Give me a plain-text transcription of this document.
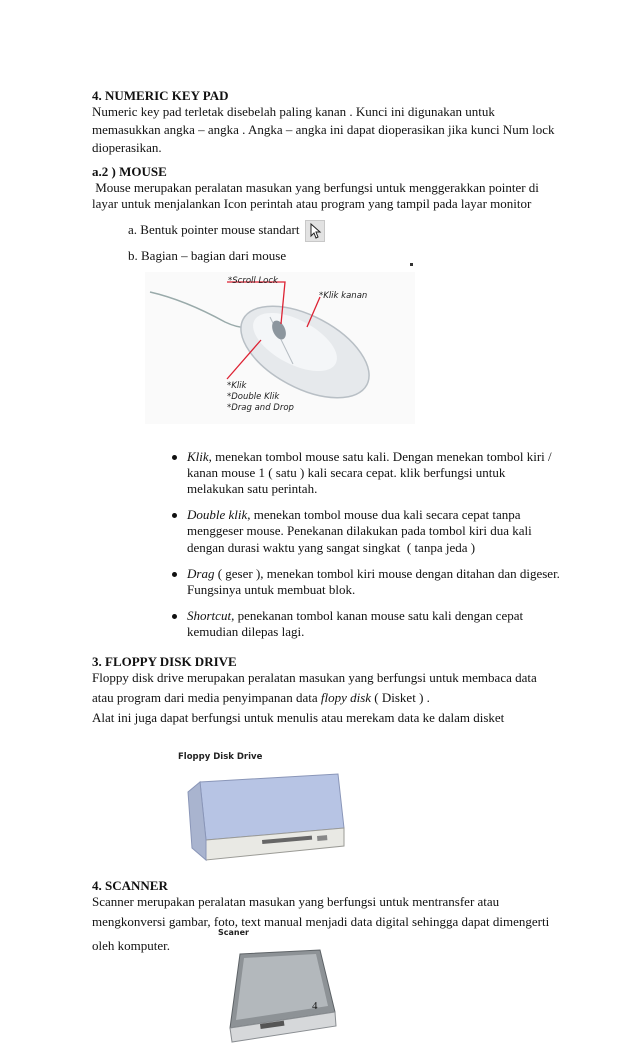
4. NUMERIC KEY PAD
Numeric key pad terletak disebelah paling kanan . Kunci ini digunakan untuk
memasukkan angka – angka . Angka – angka ini dapat dioperasikan jika kunci Num lock
dioperasikan.
a.2 ) MOUSE
Mouse merupakan peralatan masukan yang berfungsi untuk menggerakkan pointer di
layar untuk menjalankan Icon perintah atau program yang tampil pada layar monitor
a. Bentuk pointer mouse standart
b. Bagian – bagian dari mouse
*Scroll Lock
*Klik kanan
*Klik
*Double Klik
*Drag and Drop
Klik, menekan tombol mouse satu kali. Dengan menekan tombol kiri /
kanan mouse 1 ( satu ) kali secara cepat. klik berfungsi untuk
melakukan satu perintah.
Double klik, menekan tombol mouse dua kali secara cepat tanpa
menggeser mouse. Penekanan dilakukan pada tombol kiri dua kali
dengan durasi waktu yang sangat singkat  ( tanpa jeda )
Drag ( geser ), menekan tombol kiri mouse dengan ditahan dan digeser.
Fungsinya untuk membuat blok.
Shortcut, penekanan tombol kanan mouse satu kali dengan cepat
kemudian dilepas lagi.
3. FLOPPY DISK DRIVE
Floppy disk drive merupakan peralatan masukan yang berfungsi untuk membaca data
atau program dari media penyimpanan data flopy disk ( Disket ) .
Alat ini juga dapat berfungsi untuk menulis atau merekam data ke dalam disket
Floppy Disk Drive
4. SCANNER
Scanner merupakan peralatan masukan yang berfungsi untuk mentransfer atau
mengkonversi gambar, foto, text manual menjadi data digital sehingga dapat dimengerti
Scaner
oleh komputer.
4
